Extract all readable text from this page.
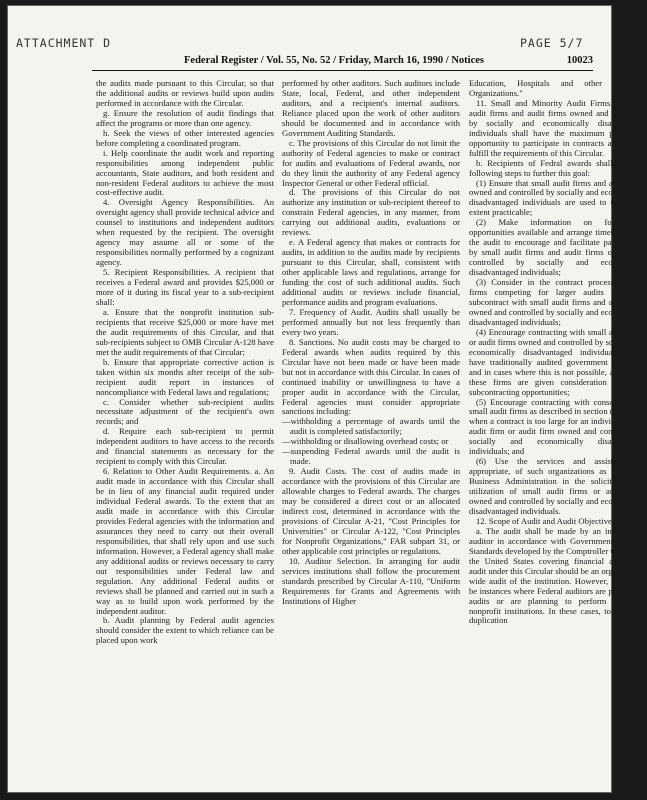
ATTACHMENT D	PAGE 5/7
Federal Register / Vol. 55, No. 52 / Friday, March 16, 1990 / Notices	10023

the audits made pursuant to this Circular, so that the additional audits or reviews build upon audits performed in accordance with the Circular.

g. Ensure the resolution of audit findings that affect the programs or more than one agency.

h. Seek the views of other interested agencies before completing a coordinated program.

i. Help coordinate the audit work and reporting responsibilities among independent public accountants, State auditors, and both resident and non-resident Federal auditors to achieve the most cost-effective audit.

4. Oversight Agency Responsibilities. An oversight agency shall provide technical advice and counsel to institutions and independent auditors when requested by the recipient. The oversight agency may assume all or some of the responsibilities normally performed by a cognizant agency.

5. Recipient Responsibilities. A recipient that receives a Federal award and provides $25,000 or more of it during its fiscal year to a sub-recipient shall:

a. Ensure that the nonprofit institution sub-recipients that receive $25,000 or more have met the audit requirements of this Circular, and that sub-recipients subject to OMB Circular A-128 have met the audit requirements of that Circular;

b. Ensure that appropriate corrective action is taken within six months after receipt of the sub-recipient audit report in instances of noncompliance with Federal laws and regulations;

c. Consider whether sub-recipient audits necessitate adjustment of the recipient's own records; and

d. Require each sub-recipient to permit independent auditors to have access to the records and financial statements as necessary for the recipient to comply with this Circular.

6. Relation to Other Audit Requirements. a. An audit made in accordance with this Circular shall be in lieu of any financial audit required under individual Federal awards. To the extent that an audit made in accordance with this Circular provides Federal agencies with the information and assurances they need to carry out their overall responsibilities, that shall rely upon and use such information. However, a Federal agency shall make any additional audits or reviews necessary to carry out responsibilities under Federal law and regulation. Any additional Federal audits or reviews shall be planned and carried out in such a way as to build upon work performed by the independent auditor.

b. Audit planning by Federal audit agencies should consider the extent to which reliance can be placed upon work

performed by other auditors. Such auditors include State, local, Federal, and other independent auditors, and a recipient's internal auditors. Reliance placed upon the work of other auditors should be documented and in accordance with Government Auditing Standards.

c. The provisions of this Circular do not limit the authority of Federal agencies to make or contract for audits and evaluations of Federal awards, nor do they limit the authority of any Federal agency Inspector General or other Federal official.

d. The provisions of this Circular do not authorize any institution or sub-recipient thereof to constrain Federal agencies, in any manner, from carrying out additional audits, evaluations or reviews.

e. A Federal agency that makes or contracts for audits, in addition to the audits made by recipients pursuant to this Circular, shall, consistent with other applicable laws and regulations, arrange for funding the cost of such additional audits. Such additional audits or reviews include financial, performance audits and program evaluations.

7. Frequency of Audit. Audits shall usually be performed annually but not less frequently than every two years.

8. Sanctions. No audit costs may be charged to Federal awards when audits required by this Circular have not been made or have been made but not in accordance with this Circular. In cases of continued inability or unwillingness to have a proper audit in accordance with the Circular, Federal agencies must consider appropriate sanctions including:

—withholding a percentage of awards until the audit is completed satisfactorily;

—withholding or disallowing overhead costs; or

—suspending Federal awards until the audit is made.

9. Audit Costs. The cost of audits made in accordance with the provisions of this Circular are allowable charges to Federal awards. The charges may be considered a direct cost or an allocated indirect cost, determined in accordance with the provisions of Circular A-21, "Cost Principles for Universities" or Circular A-122, "Cost Principles for Nonprofit Organizations," FAR subpart 31, or other applicable cost principles or regulations.

10. Auditor Selection. In arranging for audit services institutions shall follow the procurement standards prescribed by Circular A-110, "Uniform Requirements for Grants and Agreements with Institutions of Higher

Education, Hospitals and other Nonprofit Organizations."

11. Small and Minority Audit Firms. a. Small audit firms and audit firms owned and controlled by socially and economically disadvantaged individuals shall have the maximum practicable opportunity to participate in contracts awarded to fulfill the requirements of this Circular.

b. Recipients of Fedral awards shall take the following steps to further this goal:

(1) Ensure that small audit firms and audit firms owned and controlled by socially and economically disadvantaged individuals are used to the fullest extent practicable;

(2) Make information on forthcoming opportunities available and arrange timeframes for the audit to encourage and facilitate participation by small audit firms and audit firms owned and controlled by socially and economically disadvantaged individuals;

(3) Consider in the contract process whether firms competing for larger audits intend to subcontract with small audit firms and audit firms owned and controlled by socially and economically disadvantaged individuals;

(4) Encourage contracting with small audit firms or audit firms owned and controlled by socially and economically disadvantaged individuals which have traditionally audited government programs, and in cases where this is not possible, assure that these firms are given consideration for audit subcontracting opportunities;

(5) Encourage contracting with consortiums of small audit firms as described in section (1), above, when a contract is too large for an individual small audit firm or audit firm owned and controlled by socially and economically disadvantaged individuals; and

(6) Use the services and assistance, as appropriate, of such organizations as the Small Business Administration in the solicitation and utilization of small audit firms or audit firms owned and controlled by socially and economically disadvantaged individuals.

12. Scope of Audit and Audit Objectives.

a. The audit shall be made by an independent auditor in accordance with Government Auditing Standards developed by the Comptroller General of the United States covering financial audits. An audit under this Circular should be an organization-wide audit of the institution. However, there may be instances where Federal auditors are performing audits or are planning to perform audits at nonprofit institutions. In these cases, to minimize duplication
